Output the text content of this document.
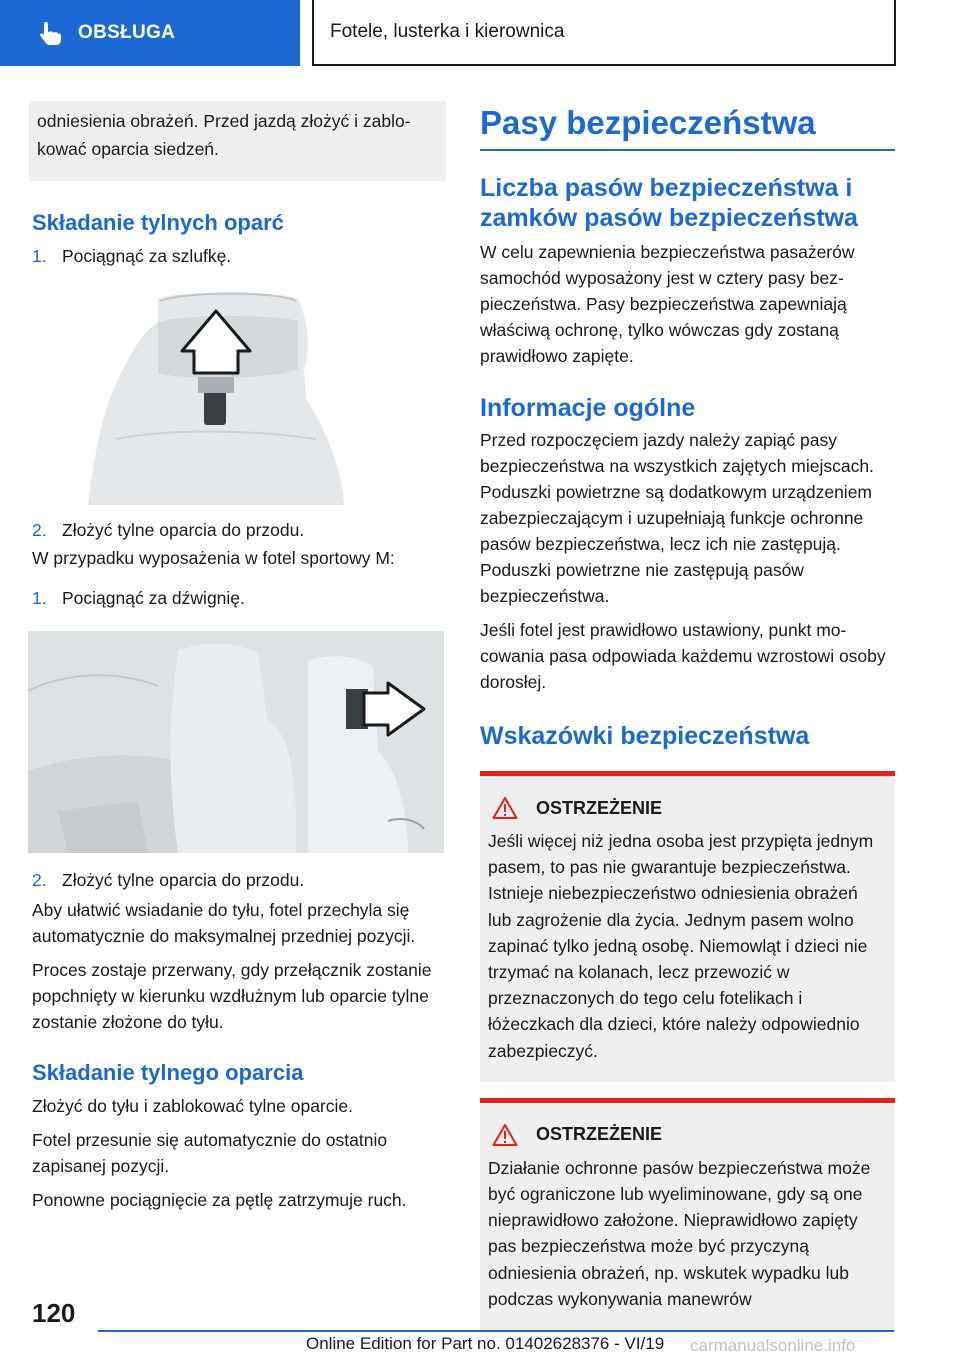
OBSŁUGA	Fotele, lusterka i kierownica
odniesienia obrażeń. Przed jazdą złożyć i zablokować oparcia siedzeń.
Składanie tylnych oparć
1. Pociągnąć za szlufkę.
2. Złożyć tylne oparcia do przodu.

W przypadku wyposażenia w fotel sportowy M:

1. Pociągnąć za dźwignię.
2. Złożyć tylne oparcia do przodu.

Aby ułatwić wsiadanie do tyłu, fotel przechyla się automatycznie do maksymalnej przedniej pozycji.

Proces zostaje przerwany, gdy przełącznik zostanie popchnięty w kierunku wzdłużnym lub oparcie tylne zostanie złożone do tyłu.

Składanie tylnego oparcia

Złożyć do tyłu i zablokować tylne oparcie.

Fotel przesunie się automatycznie do ostatnio zapisanej pozycji.

Ponowne pociągnięcie za pętlę zatrzymuje ruch.

Pasy bezpieczeństwa
Liczba pasów bezpieczeństwa i zamków pasów bezpieczeństwa

W celu zapewnienia bezpieczeństwa pasażerów samochód wyposażony jest w cztery pasy bezpieczeństwa. Pasy bezpieczeństwa zapewniają właściwą ochronę, tylko wówczas gdy zostaną prawidłowo zapięte.

Informacje ogólne

Przed rozpoczęciem jazdy należy zapiąć pasy bezpieczeństwa na wszystkich zajętych miejscach. Poduszki powietrzne są dodatkowym urządzeniem zabezpieczającym i uzupełniają funkcje ochronne pasów bezpieczeństwa, lecz ich nie zastępują. Poduszki powietrzne nie zastępują pasów bezpieczeństwa.

Jeśli fotel jest prawidłowo ustawiony, punkt mocowania pasa odpowiada każdemu wzrostowi osoby dorosłej.

Wskazówki bezpieczeństwa
OSTRZEŻENIE

Jeśli więcej niż jedna osoba jest przypięta jednym pasem, to pas nie gwarantuje bezpieczeństwa. Istnieje niebezpieczeństwo odniesienia obrażeń lub zagrożenie dla życia. Jednym pasem wolno zapinać tylko jedną osobę. Niemowląt i dzieci nie trzymać na kolanach, lecz przewozić w przeznaczonych do tego celu fotelikach i łóżeczkach dla dzieci, które należy odpowiednio zabezpieczyć.

OSTRZEŻENIE

Działanie ochronne pasów bezpieczeństwa może być ograniczone lub wyeliminowane, gdy są one nieprawidłowo założone. Nieprawidłowo zapięty pas bezpieczeństwa może być przyczyną odniesienia obrażeń, np. wskutek wypadku lub podczas wykonywania manewrów

120
Online Edition for Part no. 01402628376 - VI/19 carmanualsonline.info
